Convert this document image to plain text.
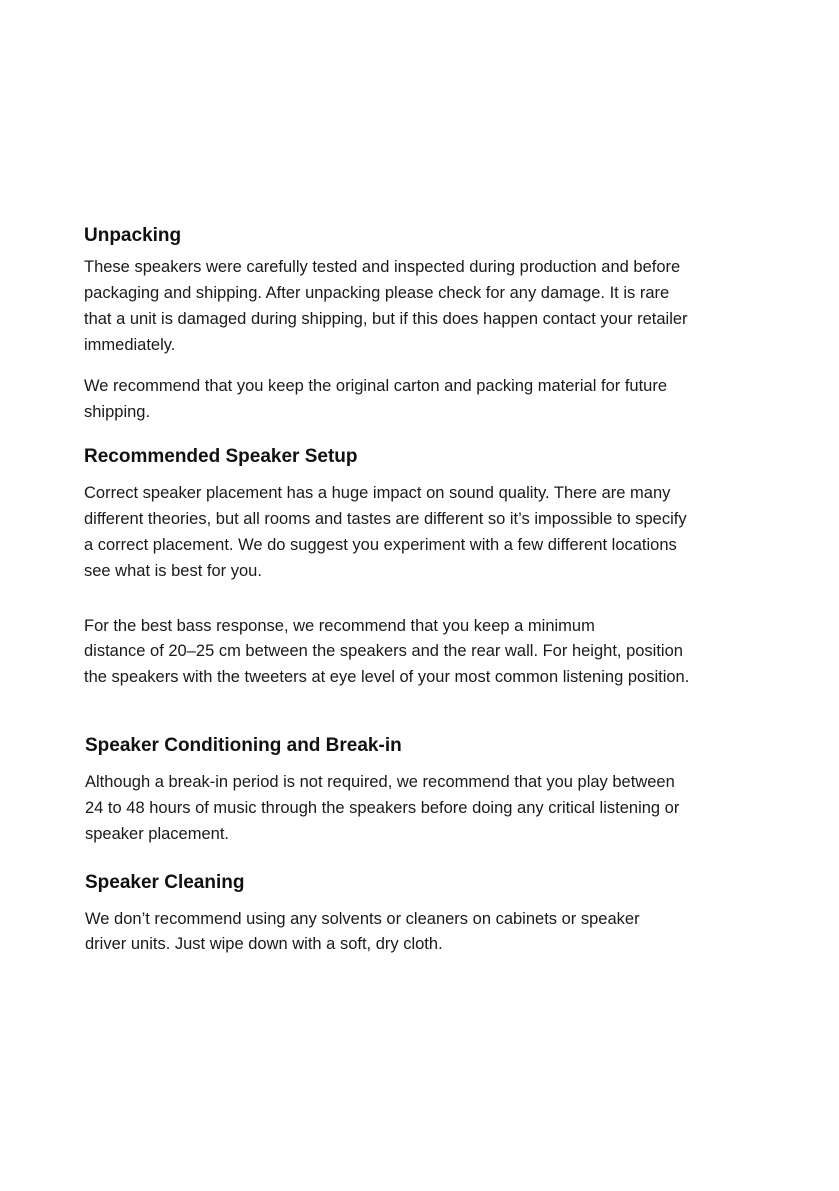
Unpacking

These speakers were carefully tested and inspected during production and before

packaging and shipping. After unpacking please check for any damage. It is rare

that a unit is damaged during shipping, but if this does happen contact your retailer

immediately.

We recommend that you keep the original carton and packing material for future

shipping.

Recommended Speaker Setup

Correct speaker placement has a huge impact on sound quality. There are many

different theories, but all rooms and tastes are different so it’s impossible to specify

a correct placement. We do suggest you experiment with a few different locations

see what is best for you.

For the best bass response, we recommend that you keep a minimum

distance of 20–25 cm between the speakers and the rear wall. For height, position

the speakers with the tweeters at eye level of your most common listening position.

Speaker Conditioning and Break-in

Although a break-in period is not required, we recommend that you play between

24 to 48 hours of music through the speakers before doing any critical listening or

speaker placement.

Speaker Cleaning

We don’t recommend using any solvents or cleaners on cabinets or speaker

driver units. Just wipe down with a soft, dry cloth.
